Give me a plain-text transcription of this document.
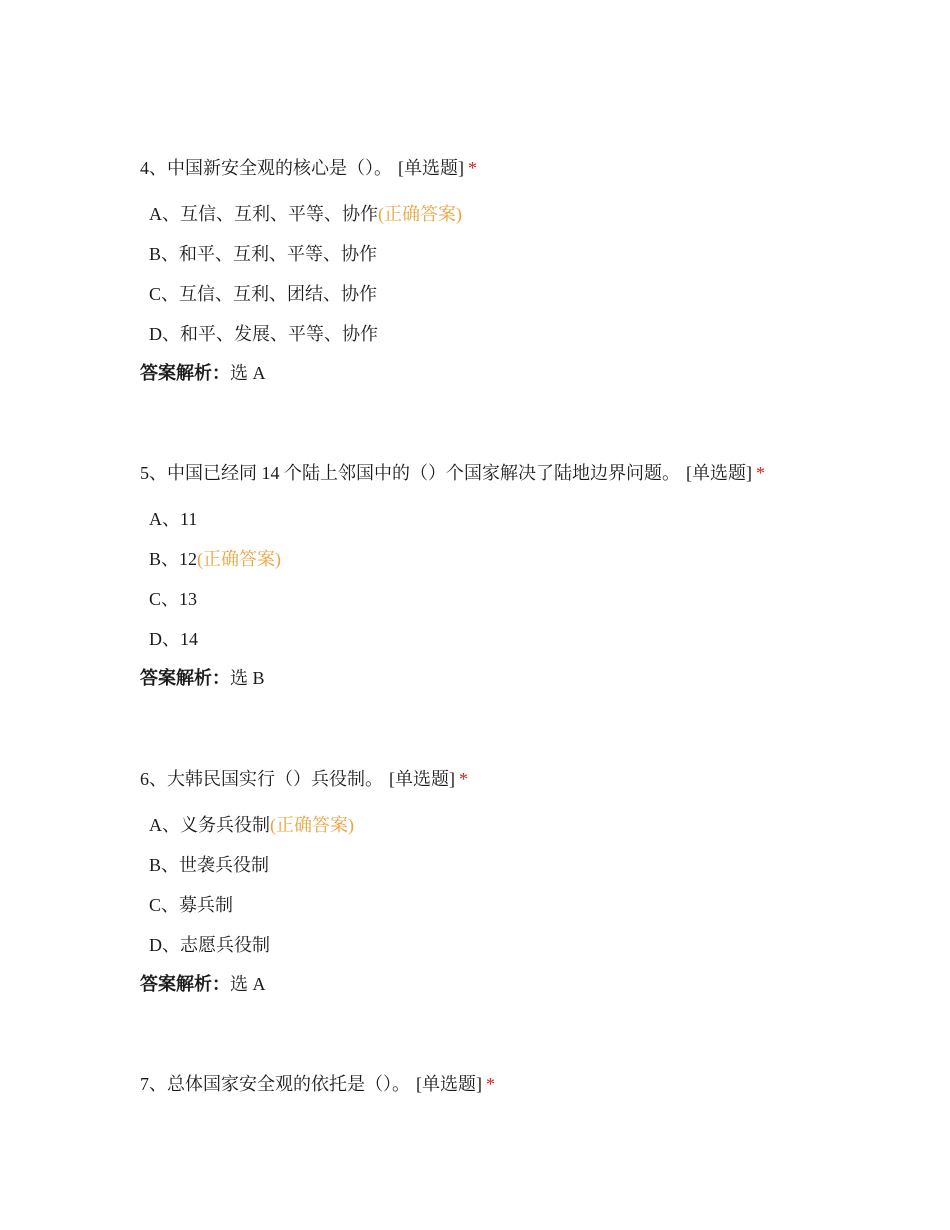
4、中国新安全观的核心是（）。 [单选题] *
A、互信、互利、平等、协作(正确答案)
B、和平、互利、平等、协作
C、互信、互利、团结、协作
D、和平、发展、平等、协作
答案解析：选 A
5、中国已经同 14 个陆上邻国中的（）个国家解决了陆地边界问题。 [单选题] *
A、11
B、12(正确答案)
C、13
D、14
答案解析：选 B
6、大韩民国实行（）兵役制。 [单选题] *
A、义务兵役制(正确答案)
B、世袭兵役制
C、募兵制
D、志愿兵役制
答案解析：选 A
7、总体国家安全观的依托是（）。 [单选题] *
